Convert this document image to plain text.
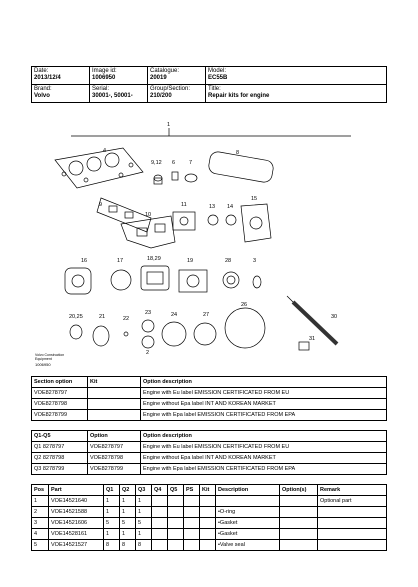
Date:
2013/12/4	Image id:
1006950	Catalogue:
20019	Model:
EC55B

Brand:
Volvo	Serial:
30001-, 50001-	Group/Section:
210/200	Title:
Repair kits for engine
1
4
9,12 6	7
8
9
10
11	13 14
15
16	17	18,29	19	28	3
20,25	21	22
23	24	27
26
2
30
31
Volvo Construction
Equipment
1006950
Section option	Kit	Option description
VOE8278797		Engine with Eu label EMISSION CERTIFICATED FROM EU
VOE8278798		Engine without Epa label INT AND KOREAN MARKET
VOE8278799		Engine with Epa label EMISSION CERTIFICATED FROM EPA
Q1-Q5	Option	Option description
Q1 8278797	VOE8278797	Engine with Eu label EMISSION CERTIFICATED FROM EU
Q2 8278798	VOE8278798	Engine without Epa label INT AND KOREAN MARKET
Q3 8278799	VOE8278799	Engine with Epa label EMISSION CERTIFICATED FROM EPA
Pos	Part	Q1	Q2	Q3	Q4	Q5	PS	Kit	Description	Option(s)	Remark
1	VOE14521640	1	1	1							Optional part
2	VOE14521588	1	1	1					•O-ring		
3	VOE14521606	5	5	5					•Gasket		
4	VOE14528161	1	1	1					•Gasket		
5	VOE14521527	8	8	8					•Valve seal		
